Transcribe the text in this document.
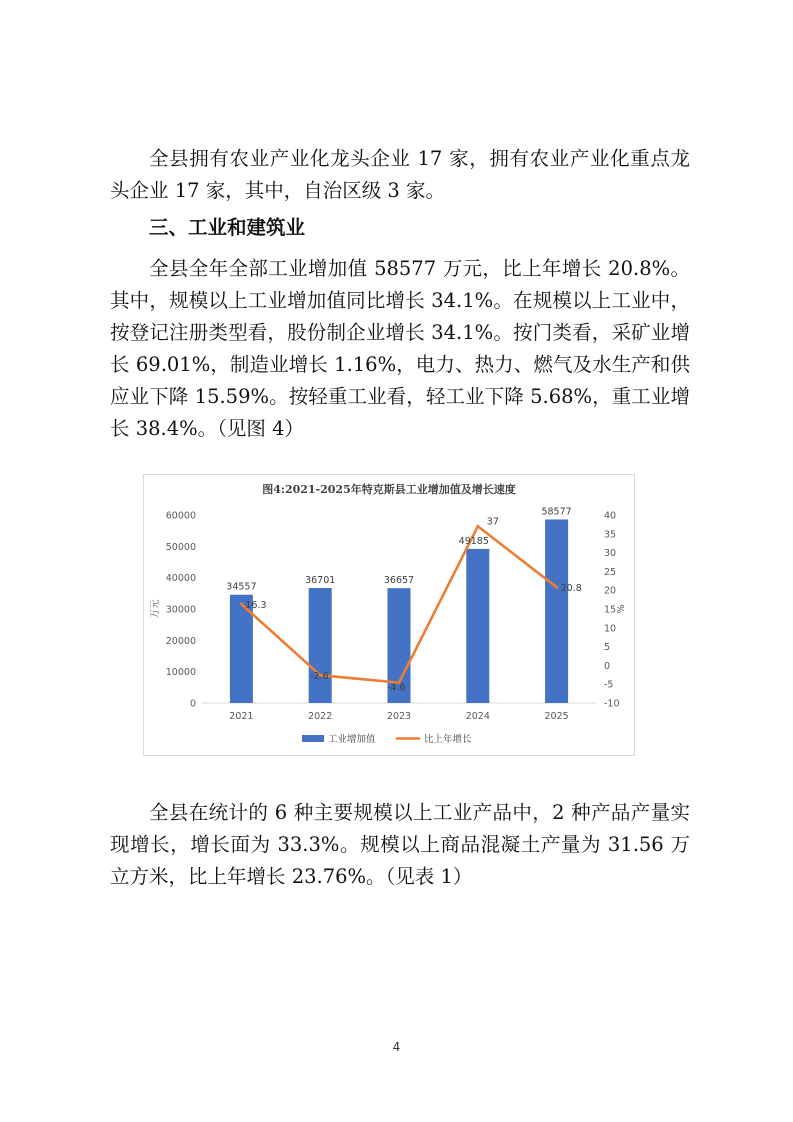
全县拥有农业产业化龙头企业 17 家，拥有农业产业化重点龙头企业 17 家，其中，自治区级 3 家。

三、工业和建筑业

全县全年全部工业增加值 58577 万元，比上年增长 20.8%。其中，规模以上工业增加值同比增长 34.1%。在规模以上工业中，按登记注册类型看，股份制企业增长 34.1%。按门类看，采矿业增长 69.01%，制造业增长 1.16%，电力、热力、燃气及水生产和供应业下降 15.59%。按轻重工业看，轻工业下降 5.68%，重工业增长 38.4%。（见图 4）

图4:2021-2025年特克斯县工业增加值及增长速度
0
10000
20000
30000
40000
50000
60000
-10
-5
0
5
10
15
20
25
30
35
40
万元	%
2021	2022	2023	2024	2025
34557
36701	36657
49185
58577
16.3
-2.6
-4.6
37
20.8
工业增加值	比上年增长

全县在统计的 6 种主要规模以上工业产品中，2 种产品产量实现增长，增长面为 33.3%。规模以上商品混凝土产量为 31.56 万立方米，比上年增长 23.76%。（见表 1）

4
